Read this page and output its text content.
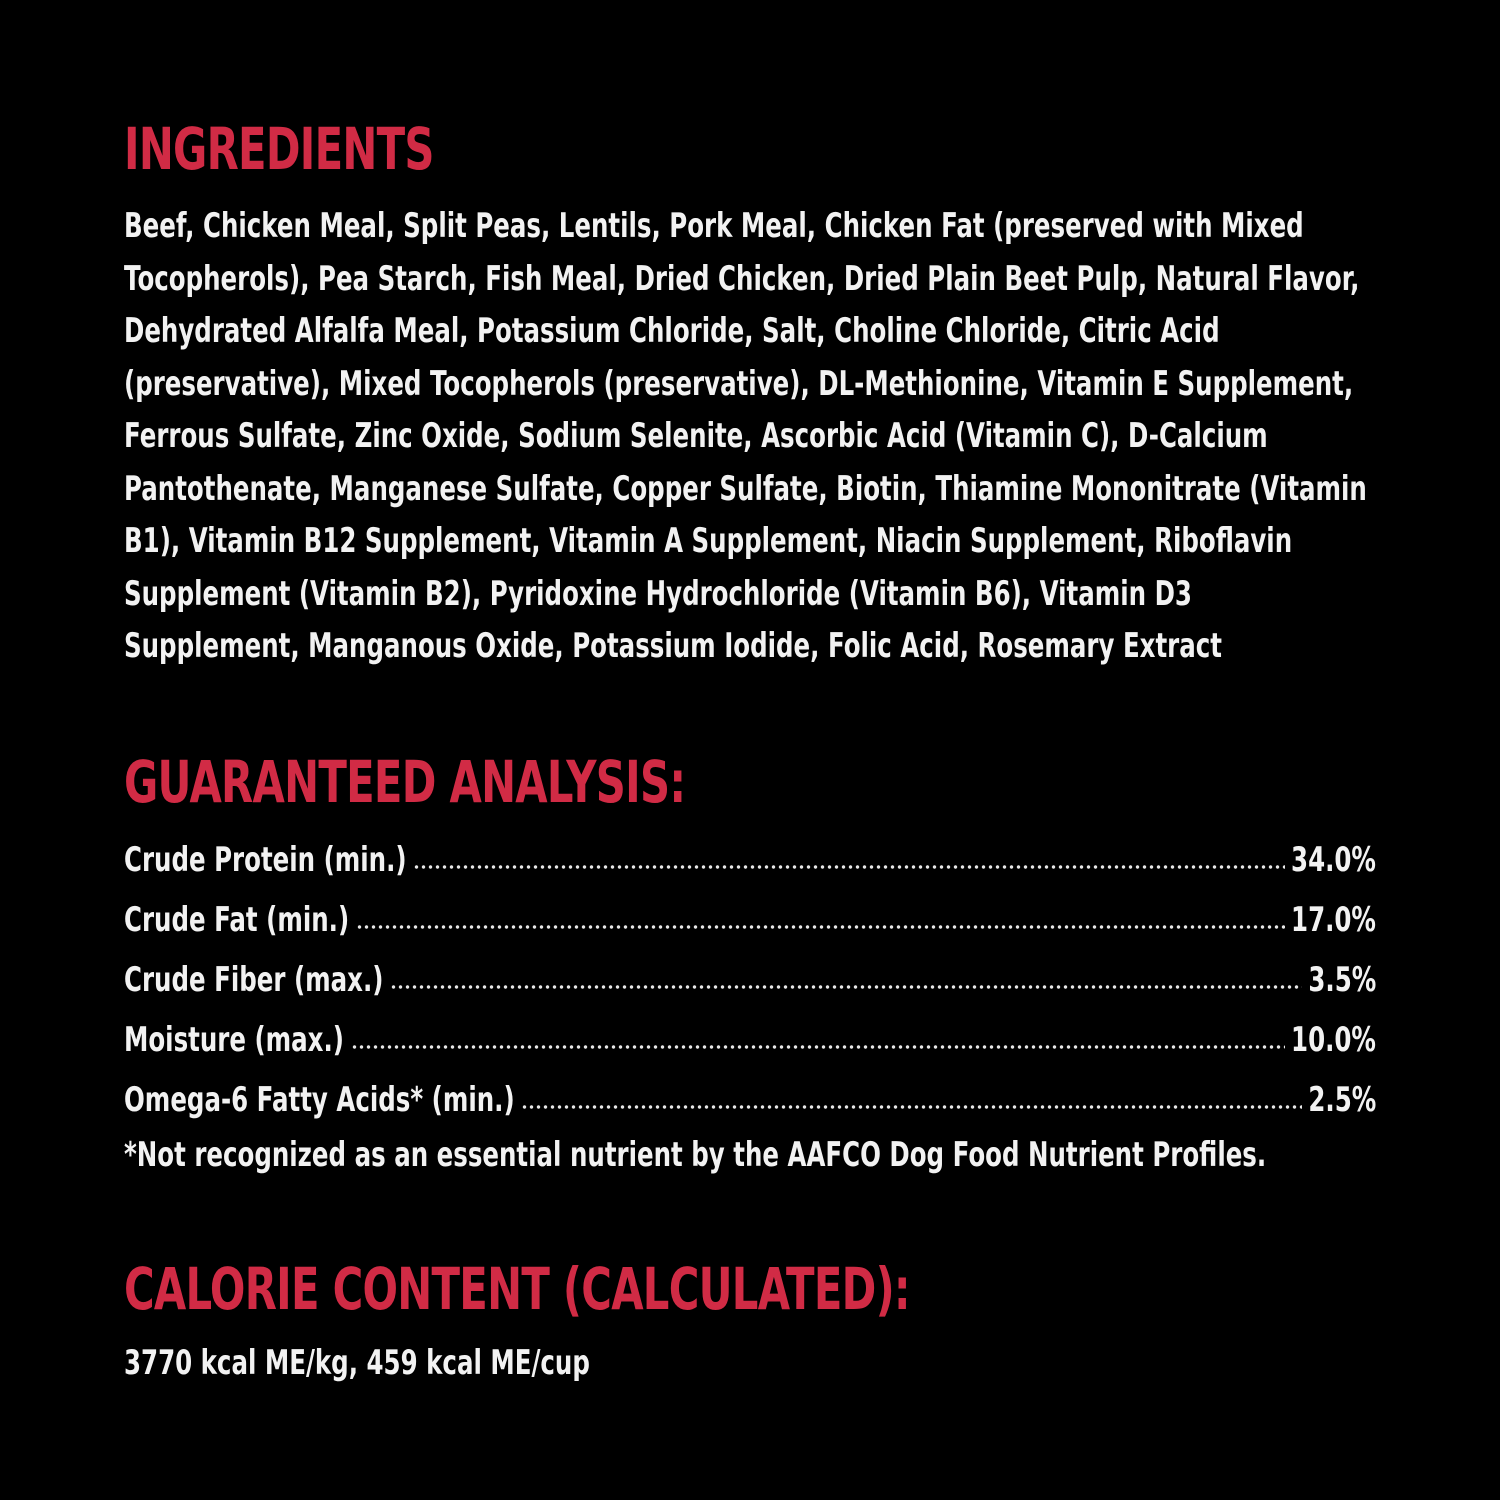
INGREDIENTS

Beef, Chicken Meal, Split Peas, Lentils, Pork Meal, Chicken Fat (preserved with Mixed Tocopherols), Pea Starch, Fish Meal, Dried Chicken, Dried Plain Beet Pulp, Natural Flavor, Dehydrated Alfalfa Meal, Potassium Chloride, Salt, Choline Chloride, Citric Acid (preservative), Mixed Tocopherols (preservative), DL-Methionine, Vitamin E Supplement, Ferrous Sulfate, Zinc Oxide, Sodium Selenite, Ascorbic Acid (Vitamin C), D-Calcium Pantothenate, Manganese Sulfate, Copper Sulfate, Biotin, Thiamine Mononitrate (Vitamin B1), Vitamin B12 Supplement, Vitamin A Supplement, Niacin Supplement, Riboflavin Supplement (Vitamin B2), Pyridoxine Hydrochloride (Vitamin B6), Vitamin D3 Supplement, Manganous Oxide, Potassium Iodide, Folic Acid, Rosemary Extract

GUARANTEED ANALYSIS:
Crude Protein (min.)	34.0%
Crude Fat (min.)	17.0%
Crude Fiber (max.)	3.5%
Moisture (max.)	10.0%
Omega-6 Fatty Acids* (min.)	2.5%

*Not recognized as an essential nutrient by the AAFCO Dog Food Nutrient Profiles.

CALORIE CONTENT (CALCULATED):

3770 kcal ME/kg, 459 kcal ME/cup
